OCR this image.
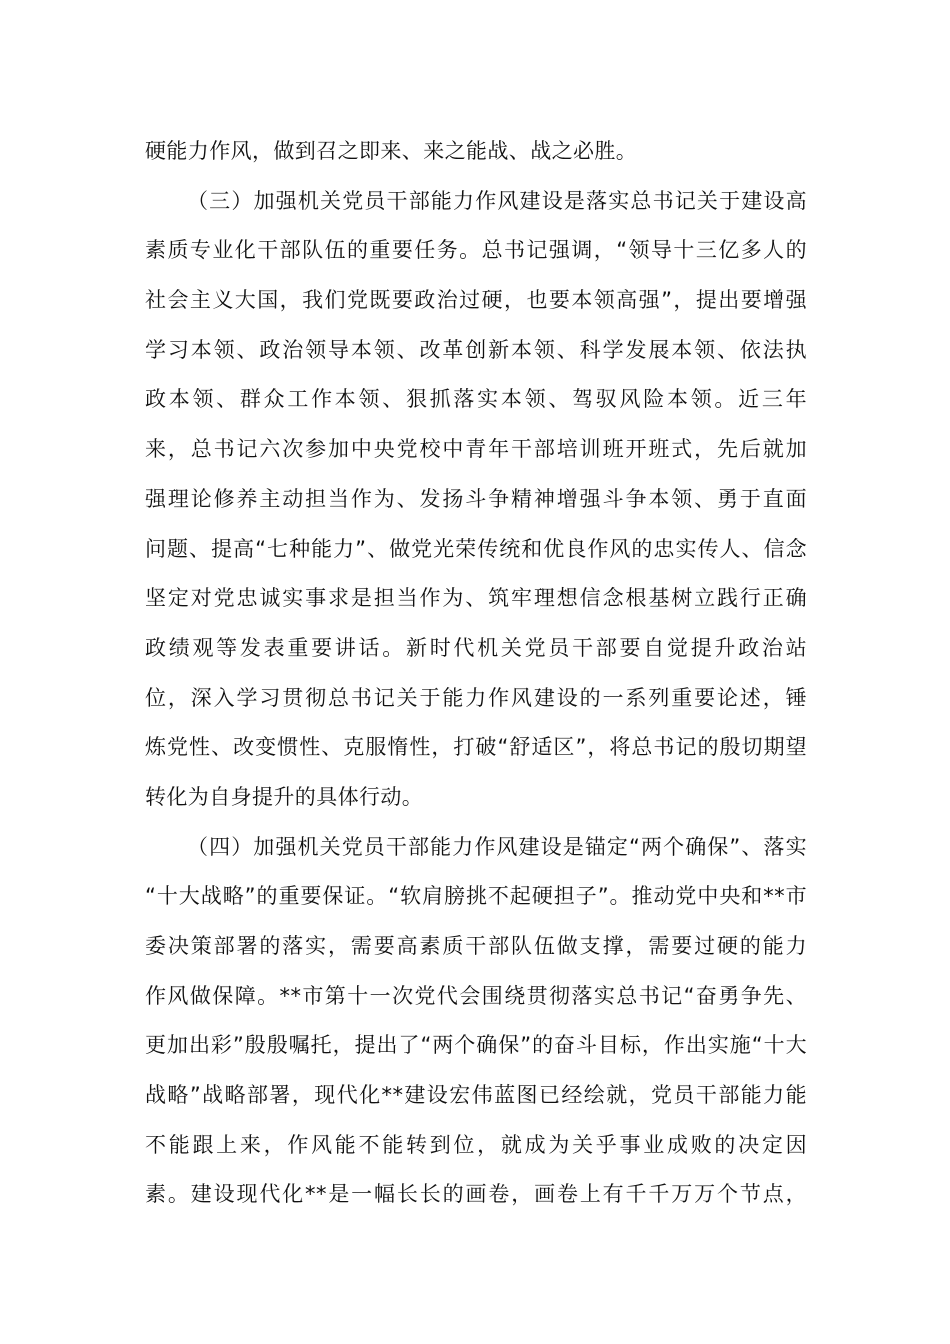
硬能力作风，做到召之即来、来之能战、战之必胜。
（三）加强机关党员干部能力作风建设是落实总书记关于建设高
素质专业化干部队伍的重要任务。总书记强调，“领导十三亿多人的
社会主义大国，我们党既要政治过硬，也要本领高强”，提出要增强
学习本领、政治领导本领、改革创新本领、科学发展本领、依法执
政本领、群众工作本领、狠抓落实本领、驾驭风险本领。近三年
来，总书记六次参加中央党校中青年干部培训班开班式，先后就加
强理论修养主动担当作为、发扬斗争精神增强斗争本领、勇于直面
问题、提高“七种能力”、做党光荣传统和优良作风的忠实传人、信念
坚定对党忠诚实事求是担当作为、筑牢理想信念根基树立践行正确
政绩观等发表重要讲话。新时代机关党员干部要自觉提升政治站
位，深入学习贯彻总书记关于能力作风建设的一系列重要论述，锤
炼党性、改变惯性、克服惰性，打破“舒适区”，将总书记的殷切期望
转化为自身提升的具体行动。
（四）加强机关党员干部能力作风建设是锚定“两个确保”、落实
“十大战略”的重要保证。“软肩膀挑不起硬担子”。推动党中央和**市
委决策部署的落实，需要高素质干部队伍做支撑，需要过硬的能力
作风做保障。**市第十一次党代会围绕贯彻落实总书记“奋勇争先、
更加出彩”殷殷嘱托，提出了“两个确保”的奋斗目标，作出实施“十大
战略”战略部署，现代化**建设宏伟蓝图已经绘就，党员干部能力能
不能跟上来，作风能不能转到位，就成为关乎事业成败的决定因
素。建设现代化**是一幅长长的画卷，画卷上有千千万万个节点，
